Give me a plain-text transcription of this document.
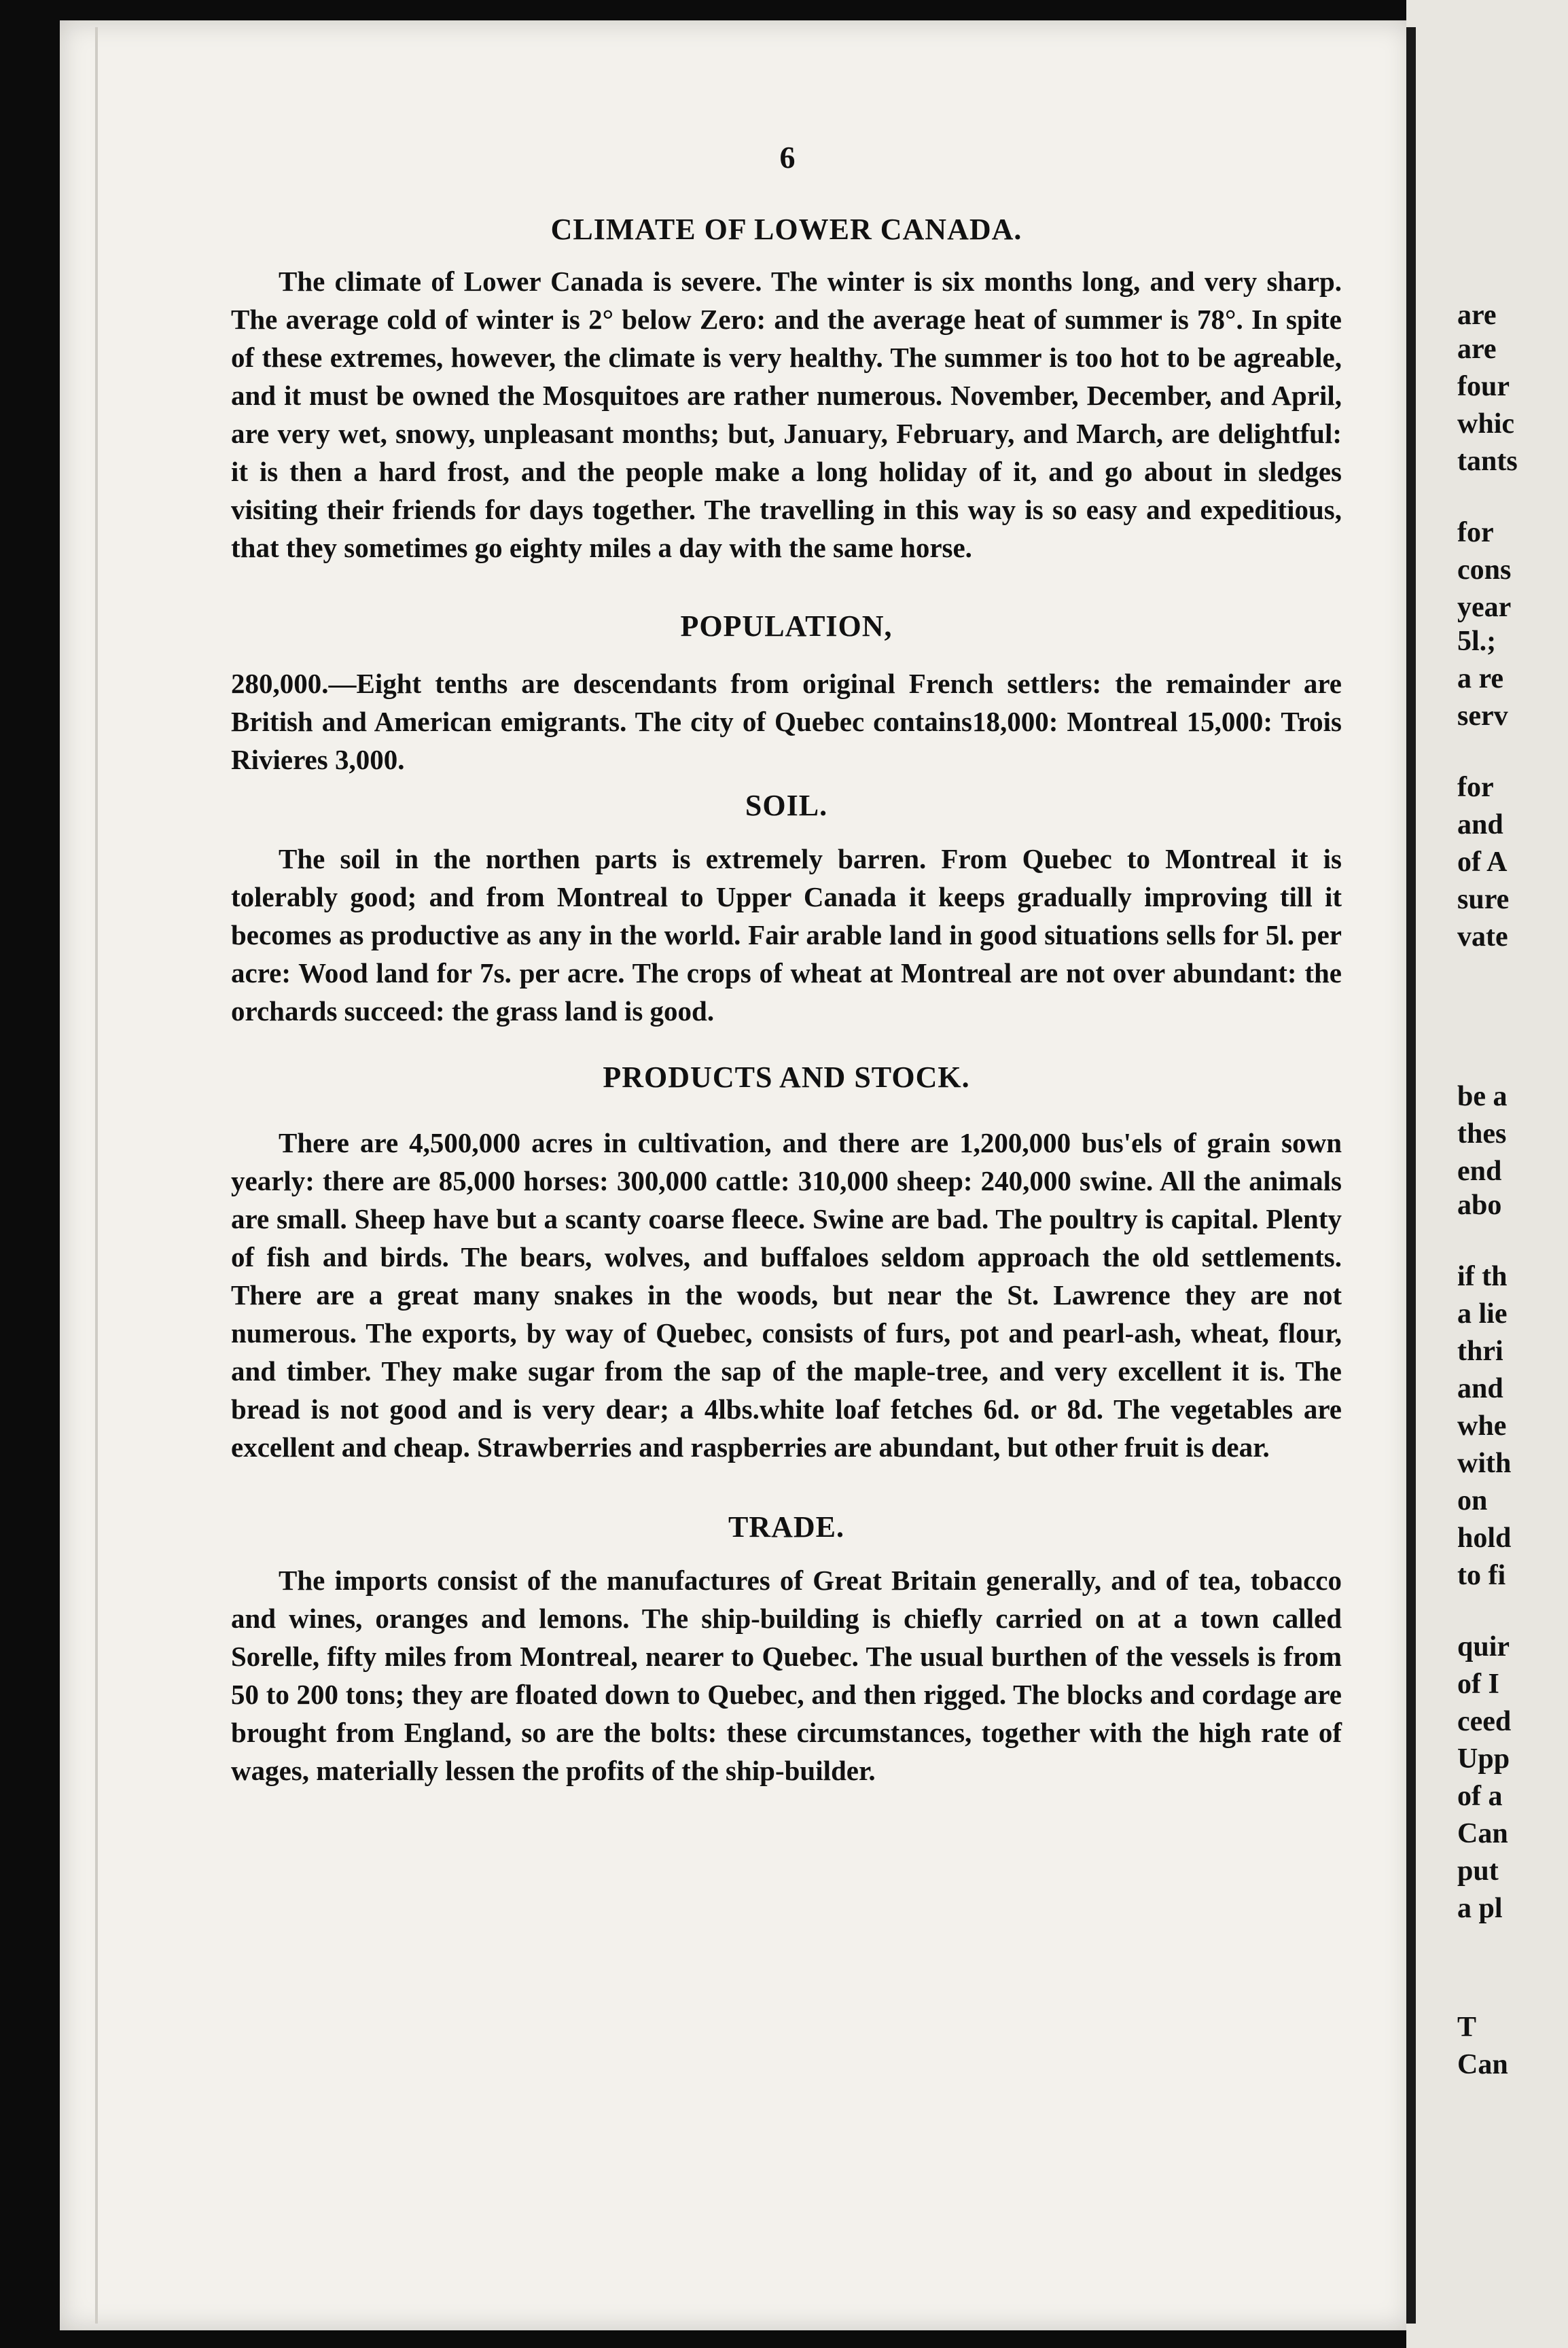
are
are
four
whic
tants
for
cons
year
5l.;
a re
serv
for
and
of A
sure
vate
be a
thes
end
abo
if th
a lie
thri
and
whe
with
on
hold
to fi
quir
of I
ceed
Upp
of a
Can
put
a pl
T
Can
6
CLIMATE OF LOWER CANADA.

The climate of Lower Canada is severe. The winter is six months long, and very sharp. The average cold of winter is 2° below Zero: and the average heat of summer is 78°. In spite of these extremes, however, the climate is very healthy. The summer is too hot to be agreable, and it must be owned the Mosquitoes are rather numerous. November, December, and April, are very wet, snowy, unpleasant months; but, January, February, and March, are delightful: it is then a hard frost, and the people make a long holiday of it, and go about in sledges visiting their friends for days together. The travelling in this way is so easy and expeditious, that they sometimes go eighty miles a day with the same horse.

POPULATION,

280,000.—Eight tenths are descendants from original French settlers: the remainder are British and American emigrants. The city of Quebec contains18,000: Montreal 15,000: Trois Rivieres 3,000.

SOIL.

The soil in the northen parts is extremely barren. From Quebec to Montreal it is tolerably good; and from Montreal to Upper Canada it keeps gradually improving till it becomes as productive as any in the world. Fair arable land in good situations sells for 5l. per acre: Wood land for 7s. per acre. The crops of wheat at Montreal are not over abundant: the orchards succeed: the grass land is good.

PRODUCTS AND STOCK.

There are 4,500,000 acres in cultivation, and there are 1,200,000 bus'els of grain sown yearly: there are 85,000 horses: 300,000 cattle: 310,000 sheep: 240,000 swine. All the animals are small. Sheep have but a scanty coarse fleece. Swine are bad. The poultry is capital. Plenty of fish and birds. The bears, wolves, and buffaloes seldom approach the old settlements. There are a great many snakes in the woods, but near the St. Lawrence they are not numerous. The exports, by way of Quebec, consists of furs, pot and pearl-ash, wheat, flour, and timber. They make sugar from the sap of the maple-tree, and very excellent it is. The bread is not good and is very dear; a 4lbs.white loaf fetches 6d. or 8d. The vegetables are excellent and cheap. Strawberries and raspberries are abundant, but other fruit is dear.

TRADE.

The imports consist of the manufactures of Great Britain generally, and of tea, tobacco and wines, oranges and lemons. The ship-building is chiefly carried on at a town called Sorelle, fifty miles from Montreal, nearer to Quebec. The usual burthen of the vessels is from 50 to 200 tons; they are floated down to Quebec, and then rigged. The blocks and cordage are brought from England, so are the bolts: these circumstances, together with the high rate of wages, materially lessen the profits of the ship-builder.
